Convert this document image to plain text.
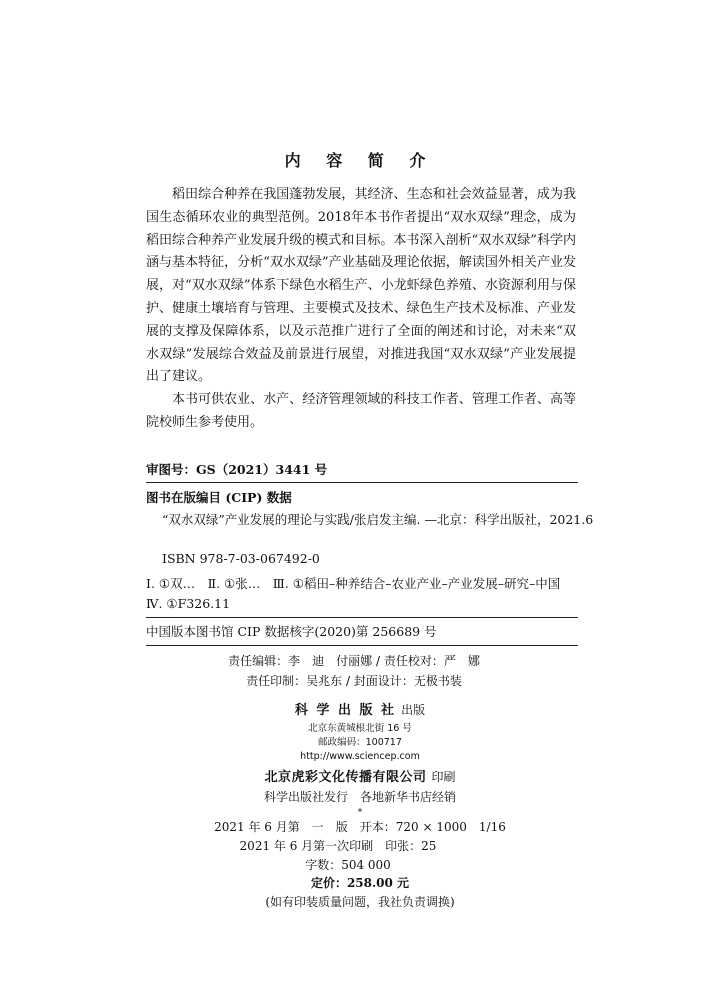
内 容 简 介

稻田综合种养在我国蓬勃发展，其经济、生态和社会效益显著，成为我国生态循环农业的典型范例。2018年本书作者提出“双水双绿”理念，成为稻田综合种养产业发展升级的模式和目标。本书深入剖析“双水双绿”科学内涵与基本特征，分析“双水双绿”产业基础及理论依据，解读国外相关产业发展，对“双水双绿”体系下绿色水稻生产、小龙虾绿色养殖、水资源利用与保护、健康土壤培育与管理、主要模式及技术、绿色生产技术及标准、产业发展的支撑及保障体系，以及示范推广进行了全面的阐述和讨论，对未来“双水双绿”发展综合效益及前景进行展望，对推进我国“双水双绿”产业发展提出了建议。

本书可供农业、水产、经济管理领域的科技工作者、管理工作者、高等院校师生参考使用。

审图号：GS（2021）3441 号
图书在版编目 (CIP) 数据
“双水双绿”产业发展的理论与实践/张启发主编. —北京：科学出版社，2021.6
ISBN 978-7-03-067492-0
Ⅰ. ①双…　Ⅱ. ①张…　Ⅲ. ①稻田–种养结合–农业产业–产业发展–研究–中国　Ⅳ. ①F326.11
中国版本图书馆 CIP 数据核字(2020)第 256689 号
责任编辑：李　迪　付丽娜 / 责任校对：严　娜
责任印制：吴兆东 / 封面设计：无极书装
科 学 出 版 社 出版
北京东黄城根北街 16 号
邮政编码：100717
http://www.sciencep.com
北京虎彩文化传播有限公司 印刷
科学出版社发行　各地新华书店经销
*
2021 年 6 月第　一　版　开本：720 × 1000　1/16
2021 年 6 月第一次印刷　印张：25
字数：504 000
定价：258.00 元
(如有印装质量问题，我社负责调换)
